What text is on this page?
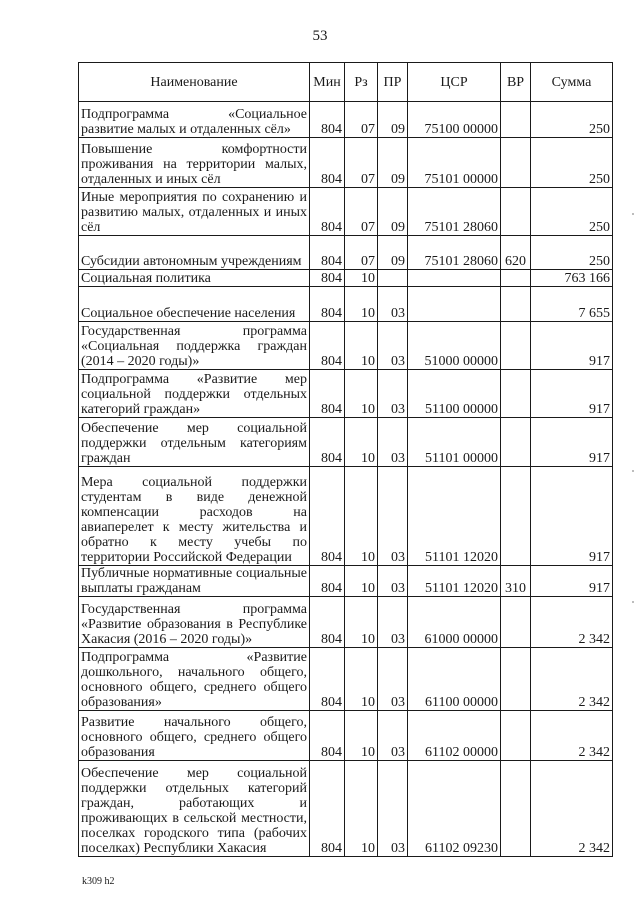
53
Наименование	Мин	Рз	ПР	ЦСР	ВР	Сумма
Подпрограмма «Социальное развитие малых и отдаленных сёл»	804	07	09	75100 00000		250
Повышение комфортности проживания на территории малых, отдаленных и иных сёл	804	07	09	75101 00000		250
Иные мероприятия по сохранению и развитию малых, отдаленных и иных сёл	804	07	09	75101 28060		250
Субсидии автономным учреждениям	804	07	09	75101 28060	620	250
Социальная политика	804	10				763 166
Социальное обеспечение населения	804	10	03			7 655
Государственная программа «Социальная поддержка граждан (2014 – 2020 годы)»	804	10	03	51000 00000		917
Подпрограмма «Развитие мер социальной поддержки отдельных категорий граждан»	804	10	03	51100 00000		917
Обеспечение мер социальной поддержки отдельным категориям граждан	804	10	03	51101 00000		917
Мера социальной поддержки студентам в виде денежной компенсации расходов на авиаперелет к месту жительства и обратно к месту учебы по территории Российской Федерации	804	10	03	51101 12020		917
Публичные нормативные социальные выплаты гражданам	804	10	03	51101 12020	310	917
Государственная программа «Развитие образования в Республике Хакасия (2016 – 2020 годы)»	804	10	03	61000 00000		2 342
Подпрограмма «Развитие дошкольного, начального общего, основного общего, среднего общего образования»	804	10	03	61100 00000		2 342
Развитие начального общего, основного общего, среднего общего образования	804	10	03	61102 00000		2 342
Обеспечение мер социальной поддержки отдельных категорий граждан, работающих и проживающих в сельской местности, поселках городского типа (рабочих поселках) Республики Хакасия	804	10	03	61102 09230		2 342
k309 h2
